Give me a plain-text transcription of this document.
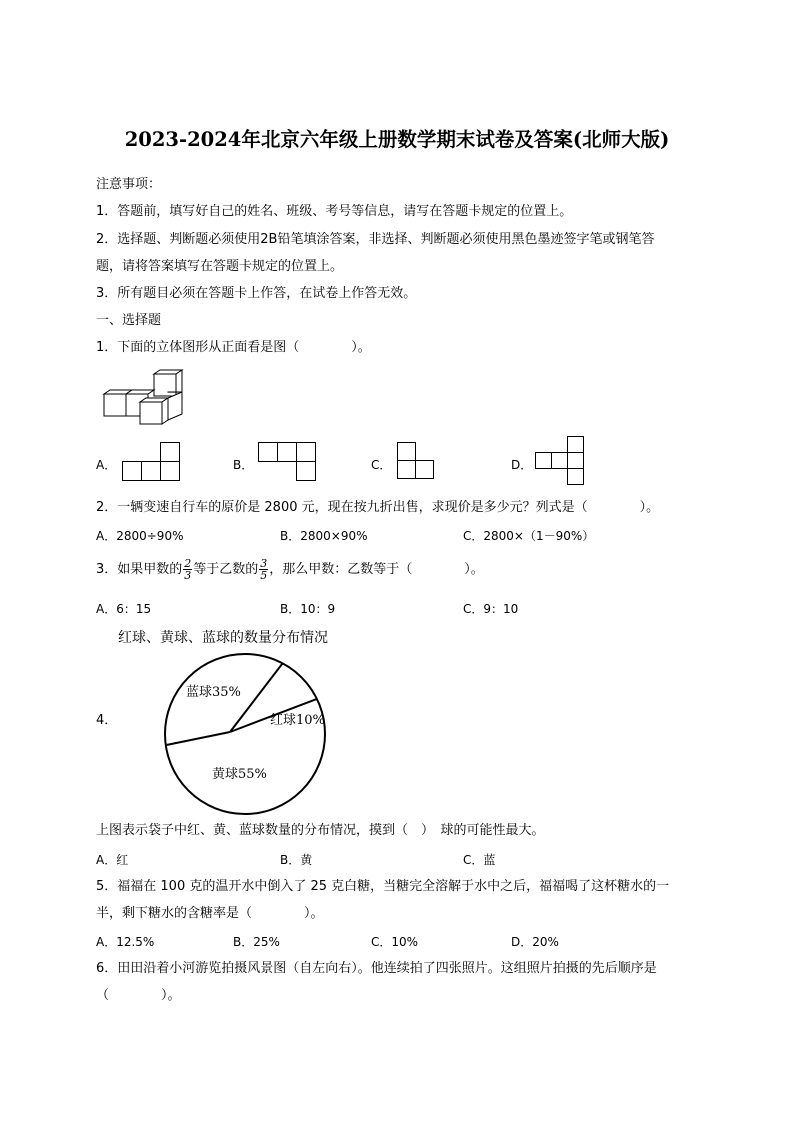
2023-2024年北京六年级上册数学期末试卷及答案(北师大版)
注意事项：
1．答题前，填写好自己的姓名、班级、考号等信息，请写在答题卡规定的位置上。
2．选择题、判断题必须使用2B铅笔填涂答案，非选择、判断题必须使用黑色墨迹签字笔或钢笔答
题，请将答案填写在答题卡规定的位置上。
3．所有题目必须在答题卡上作答，在试卷上作答无效。
一、选择题
1．下面的立体图形从正面看是图（　　　　）。
A．	B．	C．	D．
2．一辆变速自行车的原价是 2800 元，现在按九折出售，求现价是多少元？列式是（　　　　）。
A．2800÷90%	B．2800×90%	C．2800×（1－90%）
3．如果甲数的 $\frac{2}{3}$ 等于乙数的 $\frac{3}{5}$ ，那么甲数：乙数等于（　　　　）。
A．6：15	B．10：9	C．9：10
红球、黄球、蓝球的数量分布情况
4．	红球10%
黄球55%
蓝球35%
上图表示袋子中红、黄、蓝球数量的分布情况，摸到（　）　球的可能性最大。
A．红	B．黄	C．蓝
5．福福在 100 克的温开水中倒入了 25 克白糖，当糖完全溶解于水中之后，福福喝了这杯糖水的一
半，剩下糖水的含糖率是（　　　　）。
A．12.5%	B．25%	C．10%	D．20%
6．田田沿着小河游览拍摄风景图（自左向右）。他连续拍了四张照片。这组照片拍摄的先后顺序是
（　　　　）。
